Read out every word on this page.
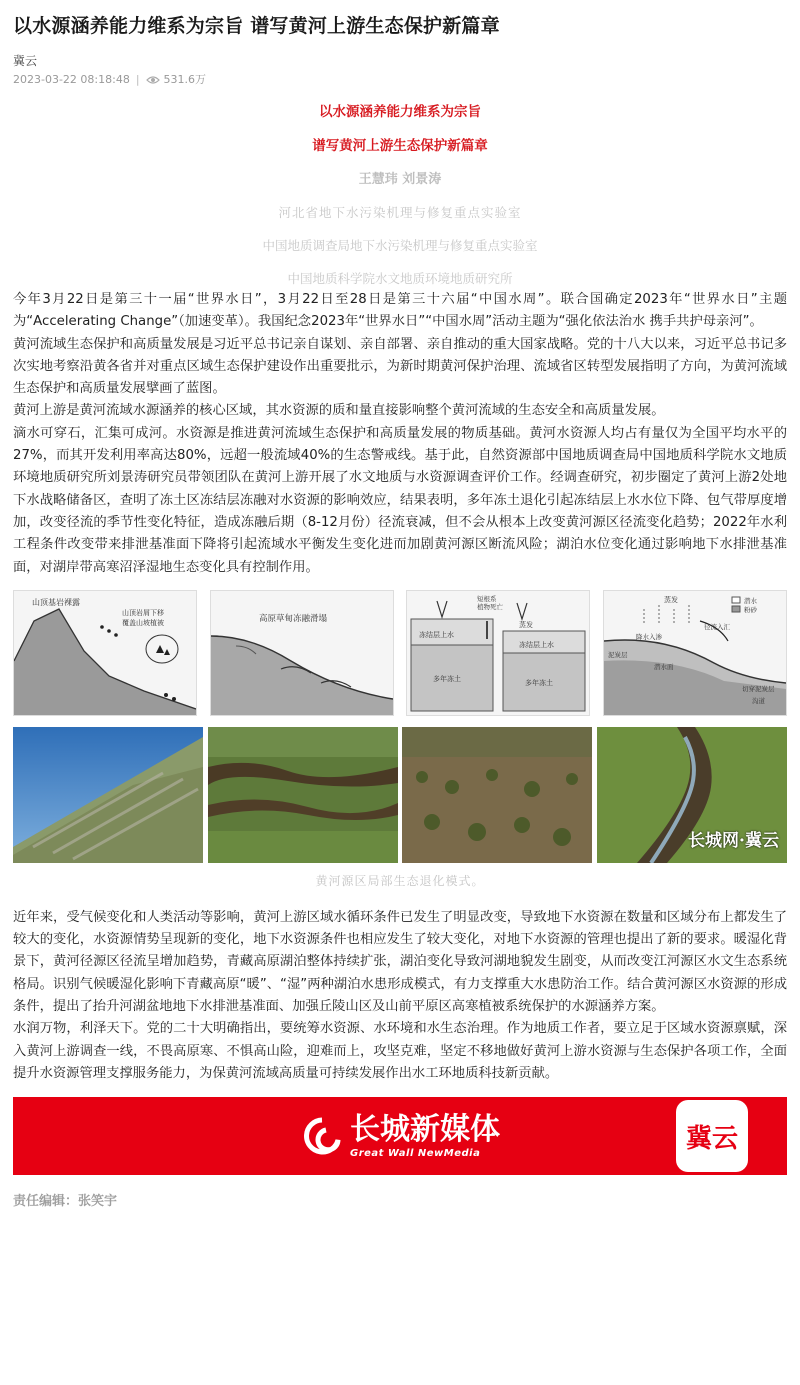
以水源涵养能力维系为宗旨 谱写黄河上游生态保护新篇章
冀云
2023-03-22 08:18:48 | 531.6万
以水源涵养能力维系为宗旨
谱写黄河上游生态保护新篇章
王慧玮 刘景涛
河北省地下水污染机理与修复重点实验室
中国地质调查局地下水污染机理与修复重点实验室
中国地质科学院水文地质环境地质研究所

今年3月22日是第三十一届“世界水日”，3月22日至28日是第三十六届“中国水周”。联合国确定2023年“世界水日”主题为“Accelerating Change”（加速变革）。我国纪念2023年“世界水日”“中国水周”活动主题为“强化依法治水 携手共护母亲河”。

黄河流域生态保护和高质量发展是习近平总书记亲自谋划、亲自部署、亲自推动的重大国家战略。党的十八大以来，习近平总书记多次实地考察沿黄各省并对重点区域生态保护建设作出重要批示，为新时期黄河保护治理、流域省区转型发展指明了方向，为黄河流域生态保护和高质量发展擘画了蓝图。

黄河上游是黄河流域水源涵养的核心区域，其水资源的质和量直接影响整个黄河流域的生态安全和高质量发展。

滴水可穿石，汇集可成河。水资源是推进黄河流域生态保护和高质量发展的物质基础。黄河水资源人均占有量仅为全国平均水平的27%，而其开发利用率高达80%，远超一般流域40%的生态警戒线。基于此，自然资源部中国地质调查局中国地质科学院水文地质环境地质研究所刘景涛研究员带领团队在黄河上游开展了水文地质与水资源调查评价工作。经调查研究，初步圈定了黄河上游2处地下水战略储备区，查明了冻土区冻结层冻融对水资源的影响效应，结果表明，多年冻土退化引起冻结层上水水位下降、包气带厚度增加，改变径流的季节性变化特征，造成冻融后期（8-12月份）径流衰减，但不会从根本上改变黄河源区径流变化趋势；2022年水利工程条件改变带来排泄基准面下降将引起流域水平衡发生变化进而加剧黄河源区断流风险；湖泊水位变化通过影响地下水排泄基准面，对湖岸带高寒沼泽湿地生态变化具有控制作用。

山顶基岩裸露
山顶岩屑下移
覆盖山坡植被	高原草甸冻融滑塌
短根系
植物死亡
冻结层上水
蒸发
冻结层上水
多年冻土	多年冻土
蒸发	潜水
粉砂
径流入汇
降水入渗
泥炭层
潜水面
切穿泥炭层
沟道
长城网·冀云
黄河源区局部生态退化模式。

近年来，受气候变化和人类活动等影响，黄河上游区域水循环条件已发生了明显改变，导致地下水资源在数量和区域分布上都发生了较大的变化，水资源情势呈现新的变化，地下水资源条件也相应发生了较大变化，对地下水资源的管理也提出了新的要求。暖湿化背景下，黄河径源区径流呈增加趋势，青藏高原湖泊整体持续扩张，湖泊变化导致河湖地貌发生剧变，从而改变江河源区水文生态系统格局。识别气候暖湿化影响下青藏高原“暖”、“湿”两种湖泊水患形成模式，有力支撑重大水患防治工作。结合黄河源区水资源的形成条件，提出了抬升河湖盆地地下水排泄基准面、加强丘陵山区及山前平原区高寒植被系统保护的水源涵养方案。

水润万物，利泽天下。党的二十大明确指出，要统筹水资源、水环境和水生态治理。作为地质工作者，要立足于区域水资源禀赋，深入黄河上游调查一线，不畏高原寒、不惧高山险，迎难而上，攻坚克难，坚定不移地做好黄河上游水资源与生态保护各项工作，全面提升水资源管理支撑服务能力，为保黄河流域高质量可持续发展作出水工环地质科技新贡献。

长城新媒体
Great Wall NewMedia	冀云
责任编辑：张笑宇
